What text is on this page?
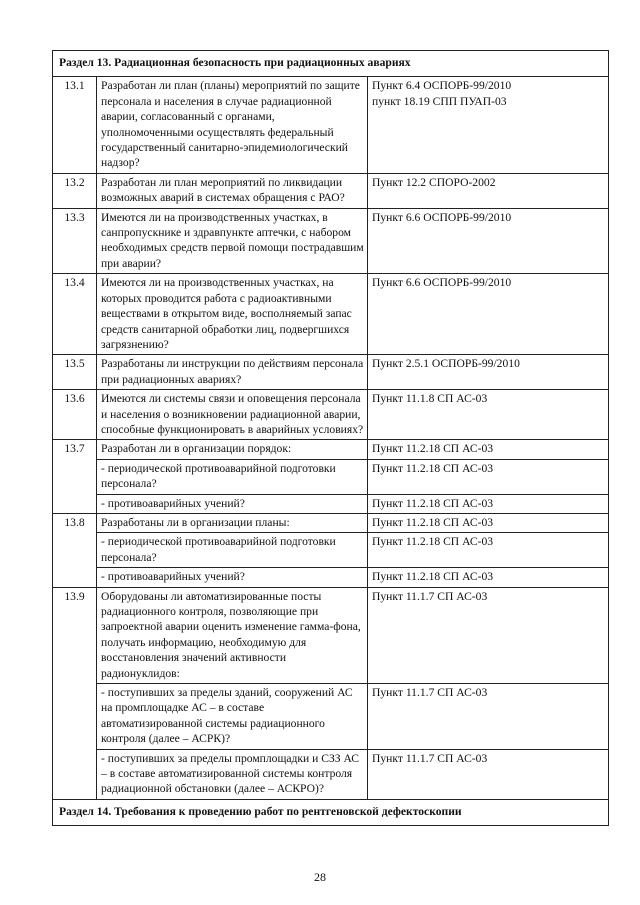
Раздел 13. Радиационная безопасность при радиационных авариях		
13.1	Разработан ли план (планы) мероприятий по защите персонала и населения в случае радиационной аварии, согласованный с органами, уполномоченными осуществлять федеральный государственный санитарно-эпидемиологический надзор?	Пункт 6.4 ОСПОРБ-99/2010
пункт 18.19 СПП ПУАП-03
13.2	Разработан ли план мероприятий по ликвидации возможных аварий в системах обращения с РАО?	Пункт 12.2 СПОРО-2002
13.3	Имеются ли на производственных участках, в санпропускнике и здравпункте аптечки, с набором необходимых средств первой помощи пострадавшим при аварии?	Пункт 6.6 ОСПОРБ-99/2010
13.4	Имеются ли на производственных участках, на которых проводится работа с радиоактивными веществами в открытом виде, восполняемый запас средств санитарной обработки лиц, подвергшихся загрязнению?	Пункт 6.6 ОСПОРБ-99/2010
13.5	Разработаны ли инструкции по действиям персонала при радиационных авариях?	Пункт 2.5.1 ОСПОРБ-99/2010
13.6	Имеются ли системы связи и оповещения персонала и населения о возникновении радиационной аварии, способные функционировать в аварийных условиях?	Пункт 11.1.8 СП АС-03
13.7	Разработан ли в организации порядок:	Пункт 11.2.18 СП АС-03
	- периодической противоаварийной подготовки персонала?	Пункт 11.2.18 СП АС-03
	- противоаварийных учений?	Пункт 11.2.18 СП АС-03
13.8	Разработаны ли в организации планы:	Пункт 11.2.18 СП АС-03
	- периодической противоаварийной подготовки персонала?	Пункт 11.2.18 СП АС-03
	- противоаварийных учений?	Пункт 11.2.18 СП АС-03
13.9	Оборудованы ли автоматизированные посты радиационного контроля, позволяющие при запроектной аварии оценить изменение гамма-фона, получать информацию, необходимую для восстановления значений активности радионуклидов:	Пункт 11.1.7 СП АС-03
	- поступивших за пределы зданий, сооружений АС на промплощадке АС – в составе автоматизированной системы радиационного контроля (далее – АСРК)?	Пункт 11.1.7 СП АС-03
	- поступивших за пределы промплощадки и СЗЗ АС – в составе автоматизированной системы контроля радиационной обстановки (далее – АСКРО)?	Пункт 11.1.7 СП АС-03
Раздел 14. Требования к проведению работ по рентгеновской дефектоскопии		
28
